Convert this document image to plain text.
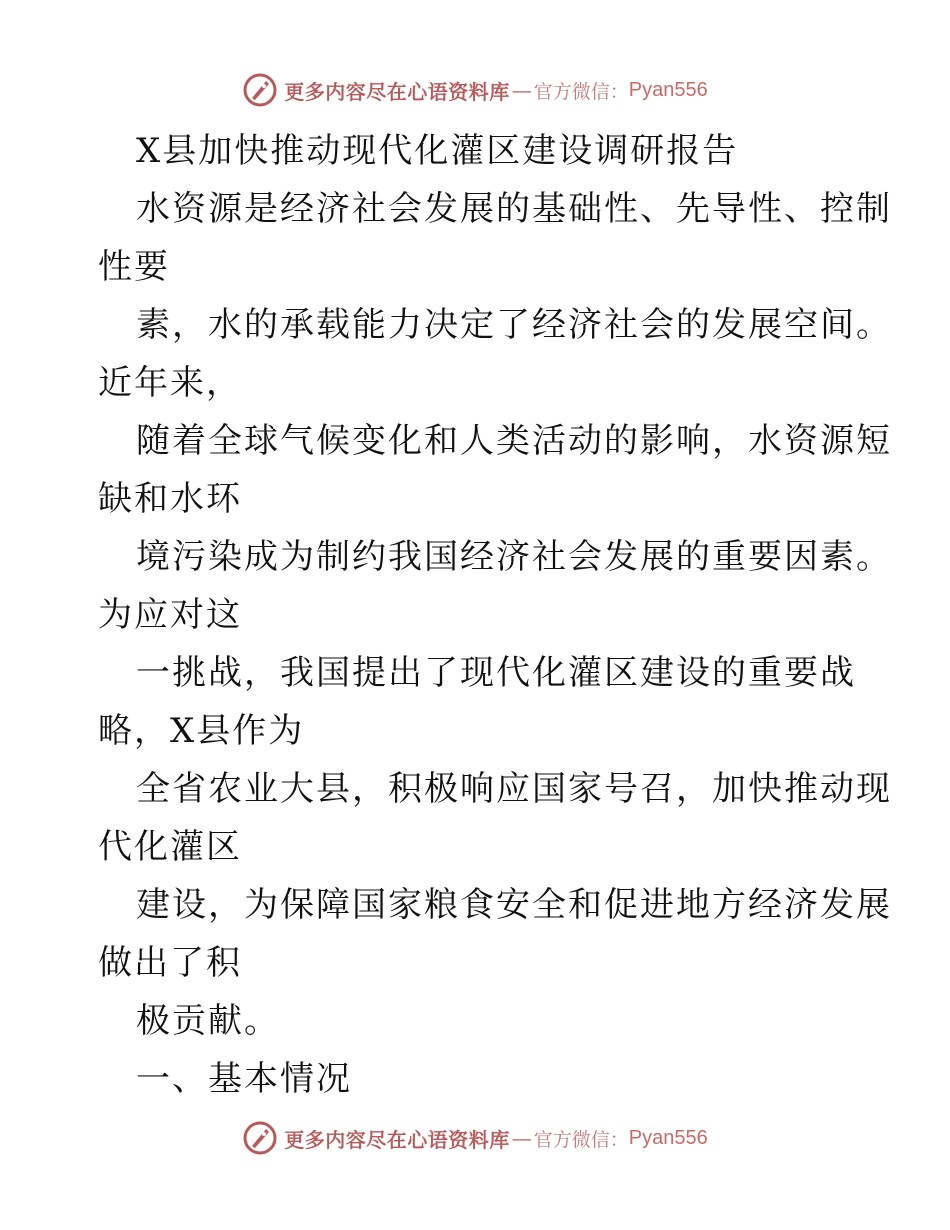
更多内容尽在心语资料库 — 官方微信： Pyan556
X县加快推动现代化灌区建设调研报告
水资源是经济社会发展的基础性、先导性、控制
性要
素，水的承载能力决定了经济社会的发展空间。
近年来，
随着全球气候变化和人类活动的影响，水资源短
缺和水环
境污染成为制约我国经济社会发展的重要因素。
为应对这
一挑战，我国提出了现代化灌区建设的重要战
略，X县作为
全省农业大县，积极响应国家号召，加快推动现
代化灌区
建设，为保障国家粮食安全和促进地方经济发展
做出了积
极贡献。
一、基本情况
更多内容尽在心语资料库 — 官方微信： Pyan556
